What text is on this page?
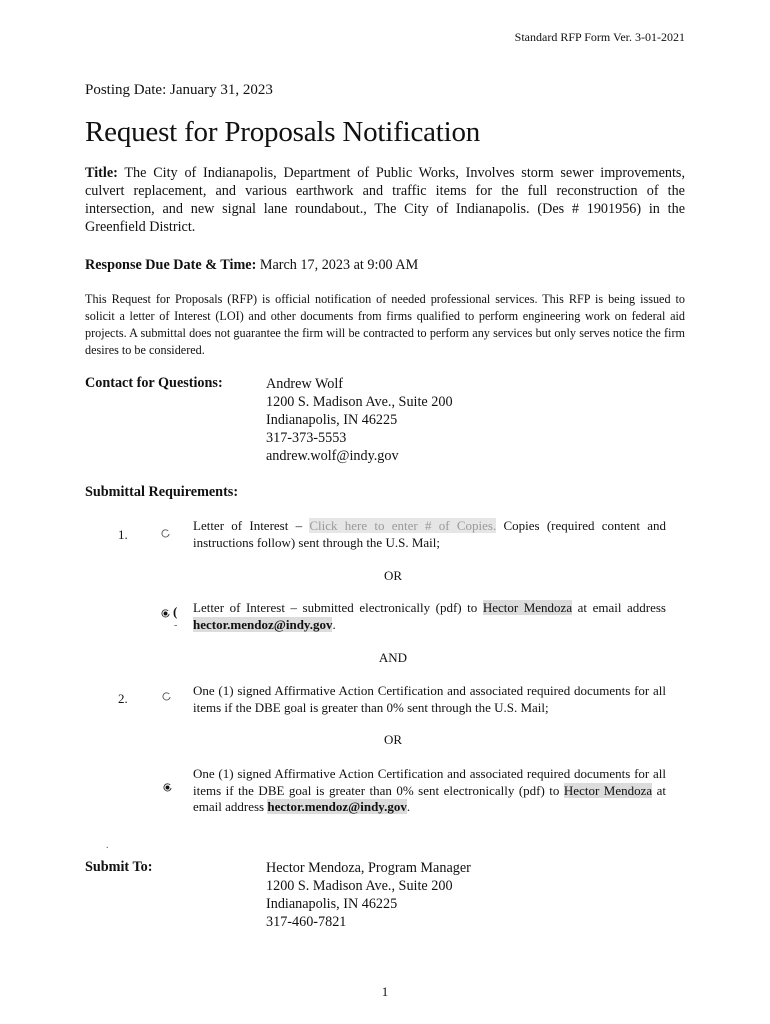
Standard RFP Form Ver. 3-01-2021
Posting Date: January 31, 2023
Request for Proposals Notification
Title: The City of Indianapolis, Department of Public Works, Involves storm sewer improvements, culvert replacement, and various earthwork and traffic items for the full reconstruction of the intersection, and new signal lane roundabout., The City of Indianapolis. (Des # 1901956) in the Greenfield District.
Response Due Date & Time: March 17, 2023 at 9:00 AM
This Request for Proposals (RFP) is official notification of needed professional services. This RFP is being issued to solicit a letter of Interest (LOI) and other documents from firms qualified to perform engineering work on federal aid projects. A submittal does not guarantee the firm will be contracted to perform any services but only serves notice the firm desires to be considered.
Contact for Questions:	Andrew Wolf
1200 S. Madison Ave., Suite 200
Indianapolis, IN 46225
317-373-5553
andrew.wolf@indy.gov
Submittal Requirements:
1.
Letter of Interest – Click here to enter # of Copies. Copies (required content and instructions follow) sent through the U.S. Mail;
OR
(
-
Letter of Interest – submitted electronically (pdf) to Hector Mendoza at email address hector.mendoz@indy.gov.
AND
2.
One (1) signed Affirmative Action Certification and associated required documents for all items if the DBE goal is greater than 0% sent through the U.S. Mail;
OR
One (1) signed Affirmative Action Certification and associated required documents for all items if the DBE goal is greater than 0% sent electronically (pdf) to Hector Mendoza at email address hector.mendoz@indy.gov.
.
Submit To:	Hector Mendoza, Program Manager
1200 S. Madison Ave., Suite 200
Indianapolis, IN 46225
317-460-7821
1
